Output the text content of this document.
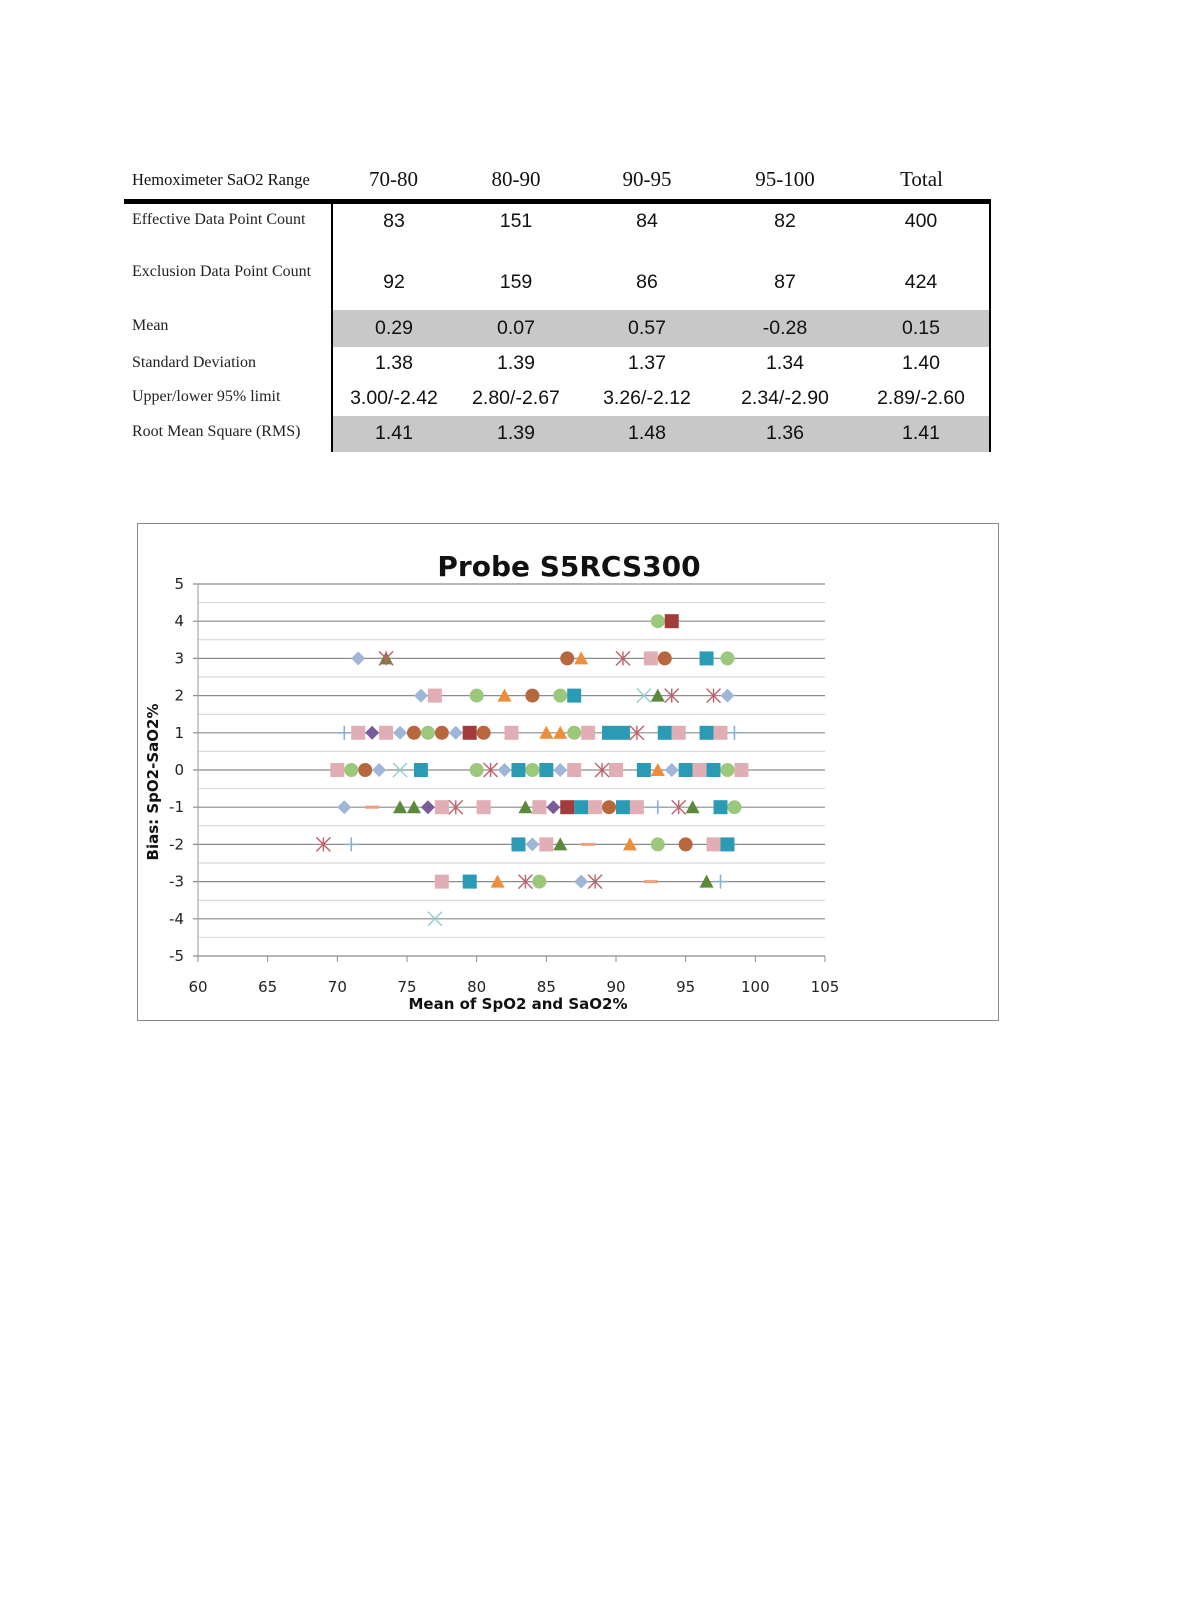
Hemoximeter SaO2 Range	70-80	80-90	90-95	95-100	Total
Effective Data Point Count	83	151	84	82	400
Exclusion Data Point Count	92	159	86	87	424
Mean	0.29	0.07	0.57	-0.28	0.15
Standard Deviation	1.38	1.39	1.37	1.34	1.40
Upper/lower 95% limit	3.00/-2.42	2.80/-2.67	3.26/-2.12	2.34/-2.90	2.89/-2.60
Root Mean Square (RMS)	1.41	1.39	1.48	1.36	1.41
Probe S5RCS300
60	65	70	75	80	85	90	95	100	105
5
4
3
2
1
0
-1
-2
-3
-4
-5
Mean of SpO2 and SaO2%
Bias: SpO2-SaO2%
